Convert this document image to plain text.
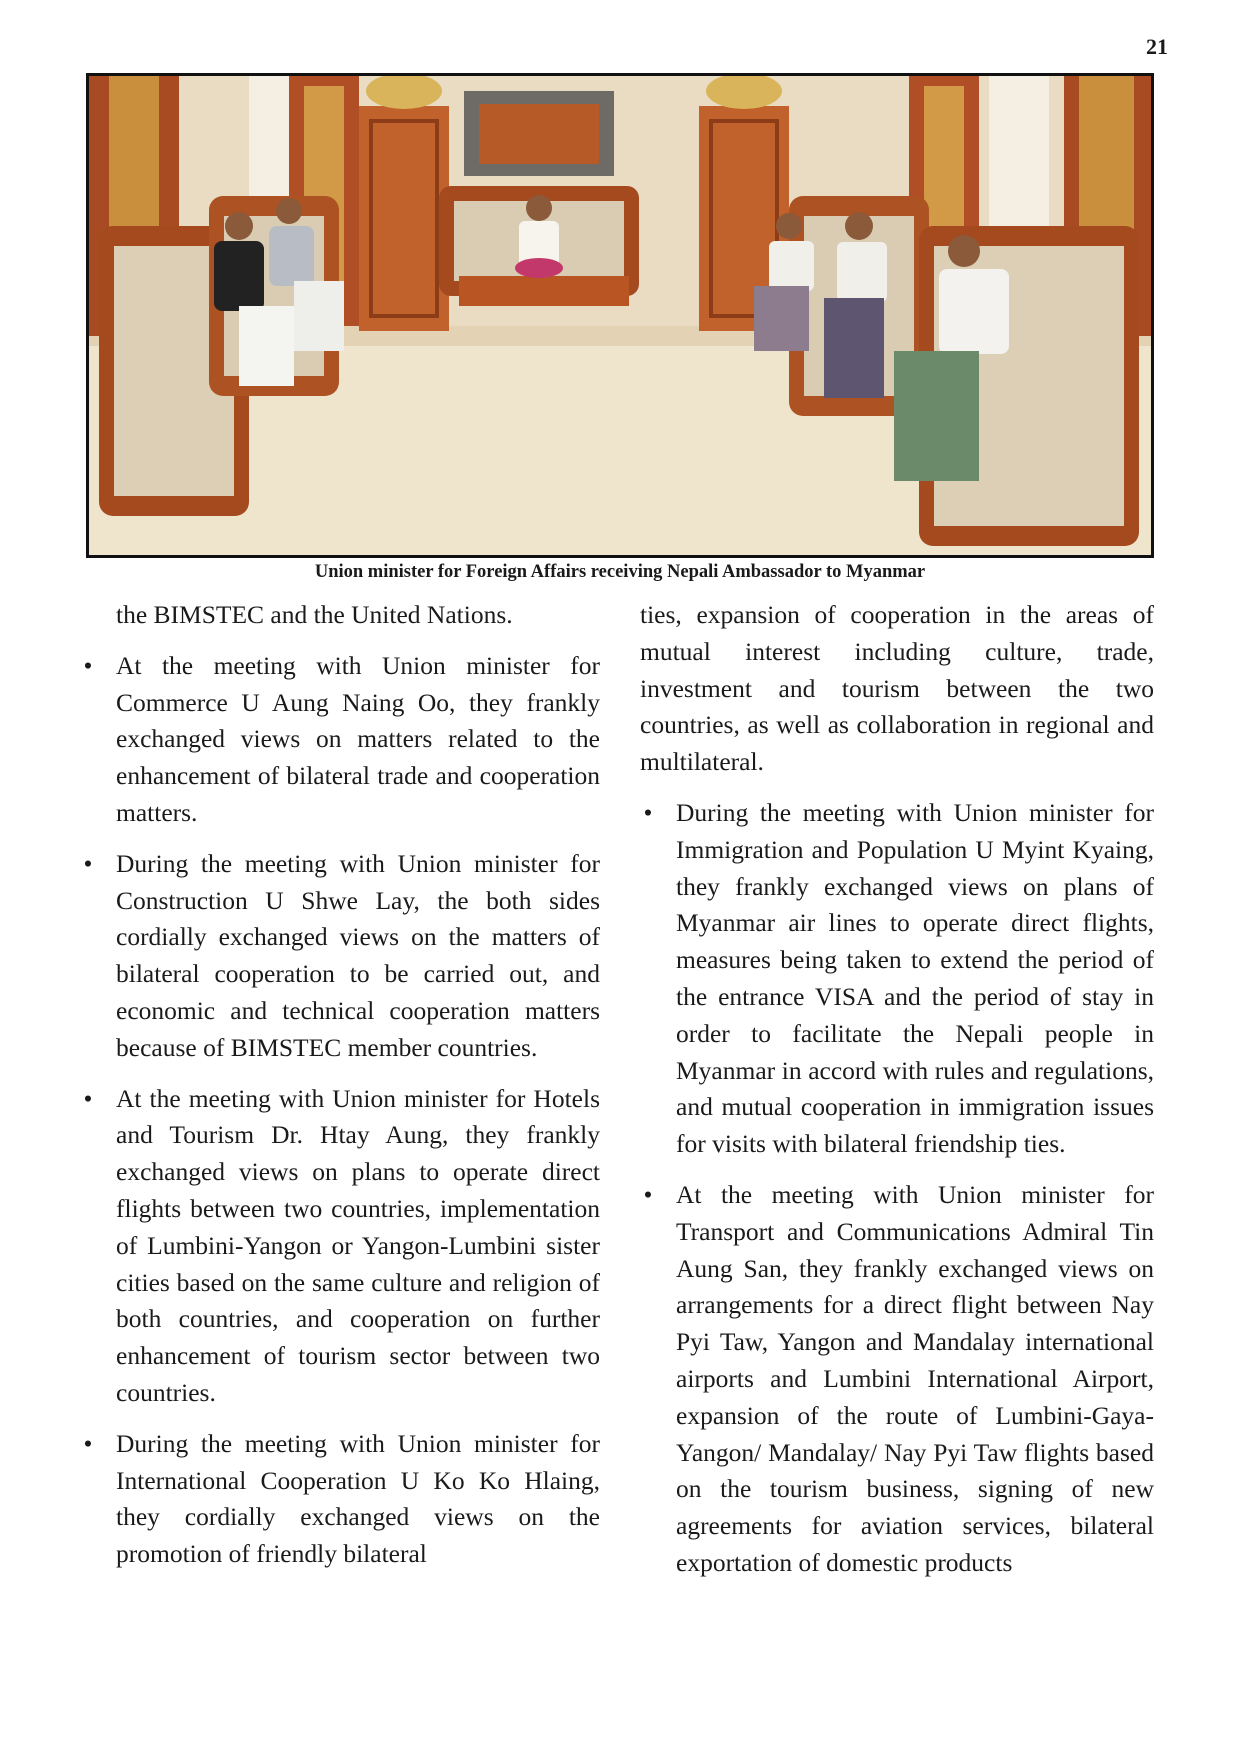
21
Union minister for Foreign Affairs receiving Nepali Ambassador to Myanmar

the BIMSTEC and the United Nations.

• At the meeting with Union minister for Commerce U Aung Naing Oo, they frankly exchanged views on matters related to the enhancement of bilateral trade and cooperation matters.
• During the meeting with Union minister for Construction U Shwe Lay, the both sides cordially exchanged views on the matters of bilateral cooperation to be carried out, and economic and technical cooperation matters because of BIMSTEC member countries.
• At the meeting with Union minister for Hotels and Tourism Dr. Htay Aung, they frankly exchanged views on plans to operate direct flights between two countries, implementation of Lumbini-Yangon or Yangon-Lumbini sister cities based on the same culture and religion of both countries, and cooperation on further enhancement of tourism sector between two countries.
• During the meeting with Union minister for International Cooperation U Ko Ko Hlaing, they cordially exchanged views on the promotion of friendly bilateral

ties, expansion of cooperation in the areas of mutual interest including culture, trade, investment and tourism between the two countries, as well as collaboration in regional and multilateral.

• During the meeting with Union minister for Immigration and Population U Myint Kyaing, they frankly exchanged views on plans of Myanmar air lines to operate direct flights, measures being taken to extend the period of the entrance VISA and the period of stay in order to facilitate the Nepali people in Myanmar in accord with rules and regulations, and mutual cooperation in immigration issues for visits with bilateral friendship ties.
• At the meeting with Union minister for Transport and Communications Admiral Tin Aung San, they frankly exchanged views on arrangements for a direct flight between Nay Pyi Taw, Yangon and Mandalay international airports and Lumbini International Airport, expansion of the route of Lumbini-Gaya-Yangon/ Mandalay/ Nay Pyi Taw flights based on the tourism business, signing of new agreements for aviation services, bilateral exportation of domestic products
